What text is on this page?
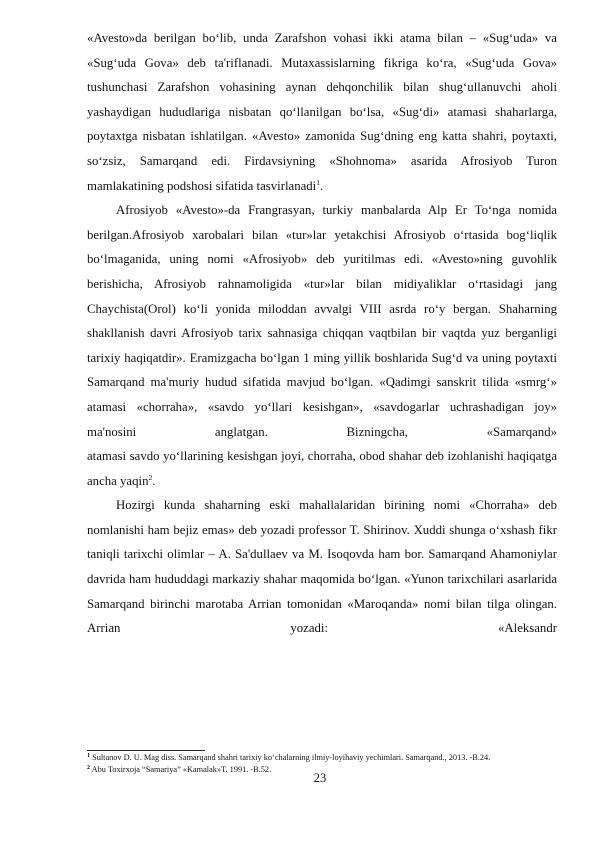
«Avesto»da berilgan bo‘lib, unda Zarafshon vohasi ikki atama bilan – «Sug‘uda» va «Sug‘uda Gova» deb ta'riflanadi. Mutaxassislarning fikriga ko‘ra, «Sug‘uda Gova» tushunchasi Zarafshon vohasining aynan dehqonchilik bilan shug‘ullanuvchi aholi yashaydigan hududlariga nisbatan qo‘llanilgan bo‘lsa, «Sug‘di» atamasi shaharlarga, poytaxtga nisbatan ishlatilgan. «Avesto» zamonida Sug‘dning eng katta shahri, poytaxti, so‘zsiz, Samarqand edi. Firdavsiyning «Shohnoma» asarida Afrosiyob Turon mamlakatining podshosi sifatida tasvirlanadi$^1$.

Afrosiyob «Avesto»-da Frangrasyan, turkiy manbalarda Alp Er To‘nga nomida berilgan.Afrosiyob xarobalari bilan «tur»lar yetakchisi Afrosiyob o‘rtasida bog‘liqlik bo‘lmaganida, uning nomi «Afrosiyob» deb yuritilmas edi. «Avesto»ning guvohlik berishicha, Afrosiyob rahnamoligida «tur»lar bilan midiyaliklar o‘rtasidagi jang Chaychista(Orol) ko‘li yonida miloddan avvalgi VIII asrda ro‘y bergan. Shaharning shakllanish davri Afrosiyob tarix sahnasiga chiqqan vaqtbilan bir vaqtda yuz berganligi tarixiy haqiqatdir». Eramizgacha bo‘lgan 1 ming yillik boshlarida Sug‘d va uning poytaxti Samarqand ma'muriy hudud sifatida mavjud bo‘lgan. «Qadimgi sanskrit tilida «smrg‘» atamasi «chorraha», «savdo yo‘llari kesishgan», «savdogarlar uchrashadigan joy» ma'nosini anglatgan. Bizningcha, «Samarqand»

atamasi savdo yo‘llarining kesishgan joyi, chorraha, obod shahar deb izohlanishi haqiqatga ancha yaqin$^2$.

Hozirgi kunda shaharning eski mahallalaridan birining nomi «Chorraha» deb nomlanishi ham bejiz emas» deb yozadi professor T. Shirinov. Xuddi shunga o‘xshash fikr taniqli tarixchi olimlar – A. Sa'dullaev va M. Isoqovda ham bor. Samarqand Ahamoniylar davrida ham hududdagi markaziy shahar maqomida bo‘lgan. «Yunon tarixchilari asarlarida Samarqand birinchi marotaba Arrian tomonidan «Maroqanda» nomi bilan tilga olingan. Arrian yozadi: «Aleksandr

$^1$ Sultanov D. U. Mag diss. Samarqand shahri tarixiy ko‘chalarning ilmiy-loyihaviy yechimlari. Samarqand., 2013. -B.24.

$^2$ Abu Toxirxoja “Samariya” «Kamalak»T. 1991. -B.52.

23
